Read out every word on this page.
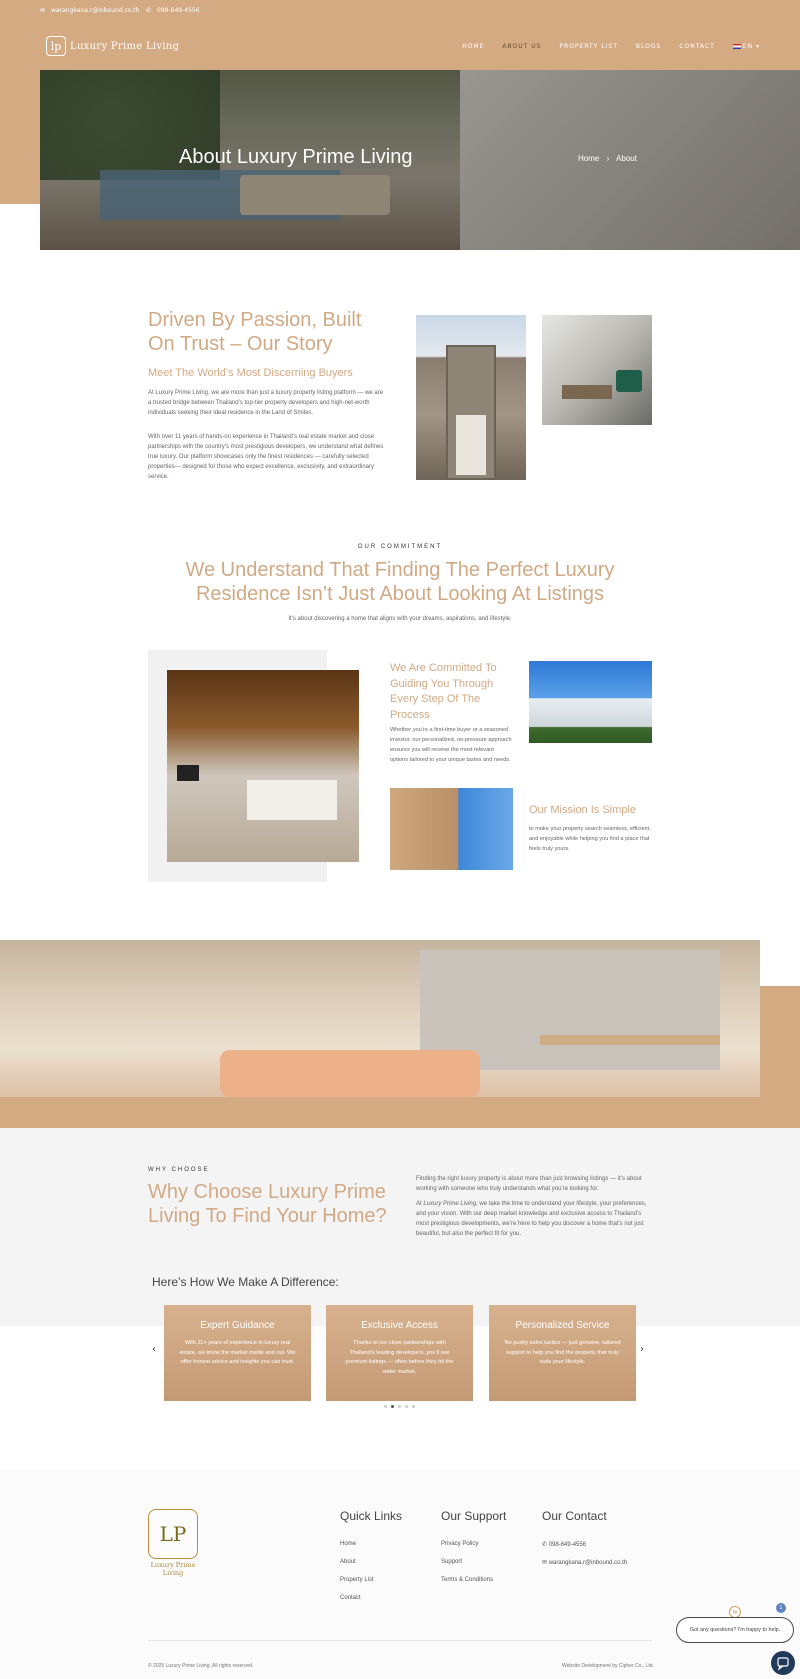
✉ warangkana.r@inbound.co.th ✆ 098-649-4556
lp Luxury Prime Living	HOME	ABOUT US	PROPERTY LIST	BLOGS	CONTACT	EN ▾
About Luxury Prime Living	Home › About
Driven By Passion, Built
On Trust – Our Story
Meet The World’s Most Discerning Buyers
At Luxury Prime Living, we are more than just a luxury property listing platform — we are a trusted bridge between Thailand’s top-tier property developers and high-net-worth individuals seeking their ideal residence in the Land of Smiles.
With over 11 years of hands-on experience in Thailand’s real estate market and close partnerships with the country’s most prestigious developers, we understand what defines true luxury. Our platform showcases only the finest residences — carefully selected properties— designed for those who expect excellence, exclusivity, and extraordinary service.
OUR COMMITMENT
We Understand That Finding The Perfect Luxury Residence Isn’t Just About Looking At Listings
It’s about discovering a home that aligns with your dreams, aspirations, and lifestyle.
We Are Committed To Guiding You Through Every Step Of The Process
Whether you’re a first-time buyer or a seasoned investor, our personalized, no-pressure approach ensures you will receive the most relevant options tailored to your unique tastes and needs.
Our Mission Is Simple
to make your property search seamless, efficient, and enjoyable while helping you find a place that feels truly yours.
WHY CHOOSE
Why Choose Luxury Prime Living To Find Your Home?
Finding the right luxury property is about more than just browsing listings — it’s about working with someone who truly understands what you’re looking for.
At Luxury Prime Living, we take the time to understand your lifestyle, your preferences, and your vision. With our deep market knowledge and exclusive access to Thailand’s most prestigious developments, we’re here to help you discover a home that’s not just beautiful, but also the perfect fit for you.
Here’s How We Make A Difference:
‹
Expert Guidance
With 11+ years of experience in luxury real estate, we know the market inside and out. We offer honest advice and insights you can trust.
Exclusive Access
Thanks to our close partnerships with Thailand’s leading developers, you’ll see premium listings — often before they hit the wider market.
Personalized Service
No pushy sales tactics — just genuine, tailored support to help you find the property that truly suits your lifestyle.
›
LP
Luxury Prime
Living
Quick Links
Home
About
Property List
Contact
Our Support
Privacy Policy
Support
Terms & Conditions
Our Contact
✆ 098-649-4556
✉ warangkana.r@inbound.co.th
© 2025 Luxury Prime Living. All rights reserved.	Website Development by Cipher Co., Ltd.
lp
1
Got any questions? I'm happy to help.
